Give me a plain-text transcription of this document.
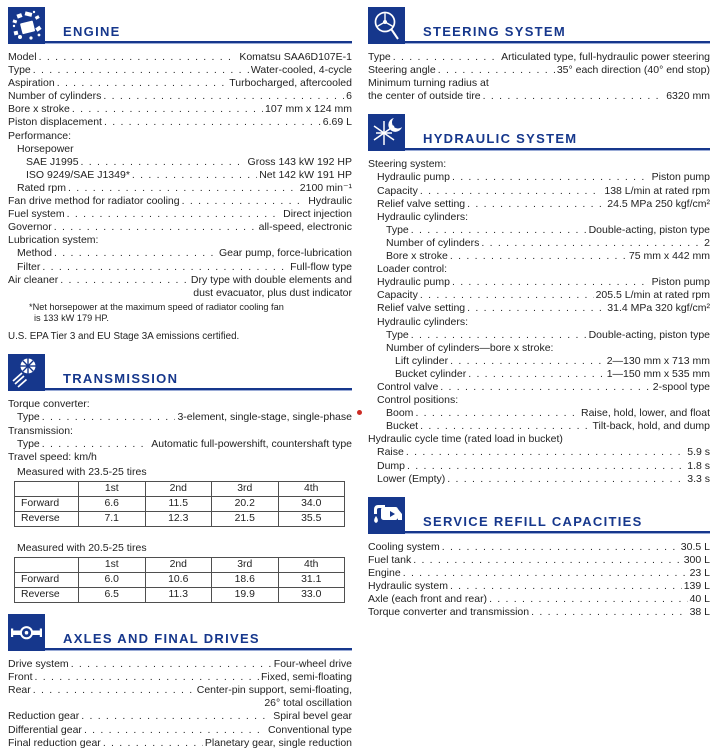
ENGINE
Model . . .	Komatsu SAA6D107E-1
Type . . .	Water-cooled, 4-cycle
Aspiration . . .	Turbocharged, aftercooled
Number of cylinders . . .	6
Bore x stroke . . .	107 mm x 124 mm
Piston displacement . . .	6.69 L
Performance:
Horsepower
SAE J1995 . . .	Gross 143 kW 192 HP
ISO 9249/SAE J1349* . . .	Net 142 kW 191 HP
Rated rpm . . .	2100 min⁻¹
Fan drive method for radiator cooling . . .	Hydraulic
Fuel system . . .	Direct injection
Governor . . .	all-speed, electronic
Lubrication system:
Method . . .	Gear pump, force-lubrication
Filter . . .	Full-flow type
Air cleaner . . .	Dry type with double elements and
dust evacuator, plus dust indicator
*Net horsepower at the maximum speed of radiator cooling fan
is 133 kW 179 HP.
U.S. EPA Tier 3 and EU Stage 3A emissions certified.
TRANSMISSION
Torque converter:
Type . . .	3-element, single-stage, single-phase
Transmission:
Type . . .	Automatic full-powershift, countershaft type
Travel speed: km/h
Measured with 23.5-25 tires
	1st	2nd	3rd	4th
Forward	6.6	11.5	20.2	34.0
Reverse	7.1	12.3	21.5	35.5
Measured with 20.5-25 tires
	1st	2nd	3rd	4th
Forward	6.0	10.6	18.6	31.1
Reverse	6.5	11.3	19.9	33.0
AXLES AND FINAL DRIVES
Drive system . . .	Four-wheel drive
Front . . .	Fixed, semi-floating
Rear . . .	Center-pin support, semi-floating,
26° total oscillation
Reduction gear . . .	Spiral bevel gear
Differential gear . . .	Conventional type
Final reduction gear . . .	Planetary gear, single reduction
STEERING SYSTEM
Type . . .	Articulated type, full-hydraulic power steering
Steering angle . . .	35° each direction (40° end stop)
Minimum turning radius at
the center of outside tire . . .	6320 mm
HYDRAULIC SYSTEM
Steering system:
Hydraulic pump . . .	Piston pump
Capacity . . .	138 L/min at rated rpm
Relief valve setting . . .	24.5 MPa 250 kgf/cm²
Hydraulic cylinders:
Type . . .	Double-acting, piston type
Number of cylinders . . .	2
Bore x stroke . . .	75 mm x 442 mm
Loader control:
Hydraulic pump . . .	Piston pump
Capacity . . .	205.5 L/min at rated rpm
Relief valve setting . . .	31.4 MPa 320 kgf/cm²
Hydraulic cylinders:
Type . . .	Double-acting, piston type
Number of cylinders—bore x stroke:
Lift cylinder . . .	2—130 mm x 713 mm
Bucket cylinder . . .	1—150 mm x 535 mm
Control valve . . .	2-spool type
Control positions:
Boom . . .	Raise, hold, lower, and float
Bucket . . .	Tilt-back, hold, and dump
Hydraulic cycle time (rated load in bucket)
Raise . . .	5.9 s
Dump . . .	1.8 s
Lower (Empty) . . .	3.3 s
SERVICE REFILL CAPACITIES
Cooling system . . .	30.5 L
Fuel tank . . .	300 L
Engine . . .	23 L
Hydraulic system . . .	139 L
Axle (each front and rear) . . .	40 L
Torque converter and transmission . . .	38 L
